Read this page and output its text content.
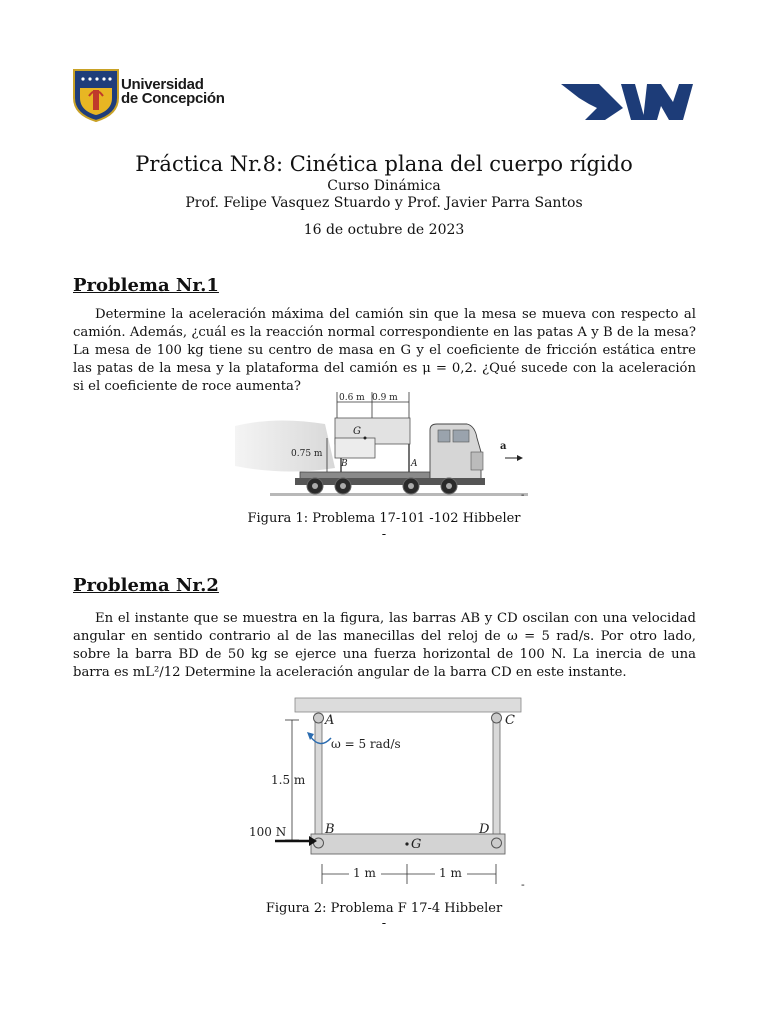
Universidad
de Concepción
Práctica Nr.8: Cinética plana del cuerpo rígido
Curso Dinámica
Prof. Felipe Vasquez Stuardo y Prof. Javier Parra Santos
16 de octubre de 2023
Problema Nr.1
Determine la aceleración máxima del camión sin que la mesa se mueva con respecto al camión. Además, ¿cuál es la reacción normal correspondiente en las patas A y B de la mesa? La mesa de 100 kg tiene su centro de masa en G y el coeficiente de fricción estática entre las patas de la mesa y la plataforma del camión es μ = 0,2. ¿Qué sucede con la aceleración si el coeficiente de roce aumenta?
0.6 m 0.9 m
G
B	A
0.75 m
a
-
Figura 1: Problema 17-101 -102 Hibbeler
-
Problema Nr.2
En el instante que se muestra en la figura, las barras AB y CD oscilan con una velocidad angular en sentido contrario al de las manecillas del reloj de ω = 5 rad/s. Por otro lado, sobre la barra BD de 50 kg se ejerce una fuerza horizontal de 100 N. La inercia de una barra es mL²/12 Determine la aceleración angular de la barra CD en este instante.
A	C
B	D
G
ω = 5 rad/s
1.5 m
100 N
1 m	1 m
-
Figura 2: Problema F 17-4 Hibbeler
-
